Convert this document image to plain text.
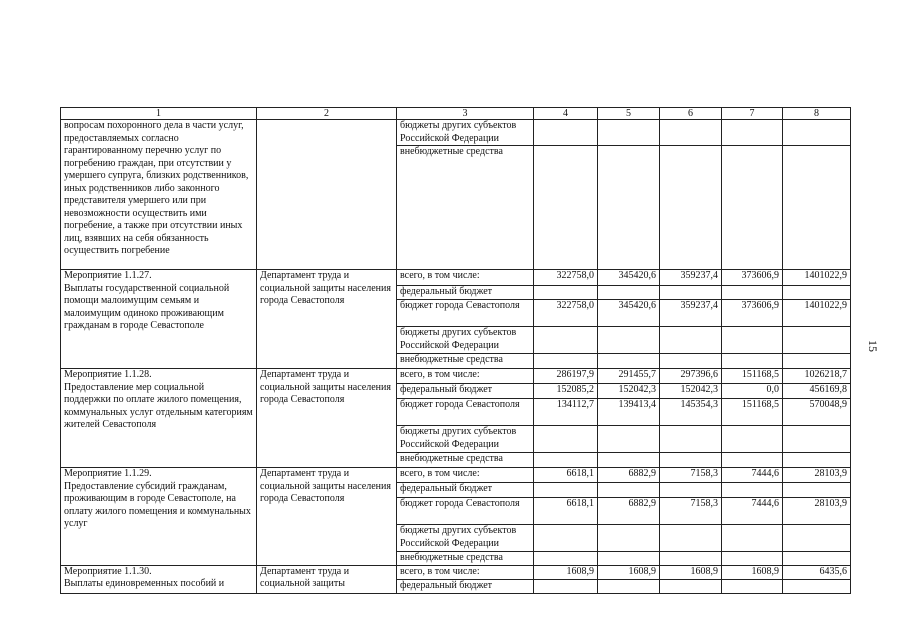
1	2	3	4	5	6	7	8
вопросам похоронного дела в части услуг, предоставляемых согласно гарантированному перечню услуг по погребению граждан, при отсутствии у умершего супруга, близких родственников, иных родственников либо законного представителя умершего или при невозможности осуществить ими погребение, а также при отсутствии иных лиц, взявших на себя обязанность осуществить погребение		бюджеты других субъектов Российской Федерации					
		внебюджетные средства					

Мероприятие 1.1.27.
Выплаты государственной социальной помощи малоимущим семьям и малоимущим одиноко проживающим гражданам в городе Севастополе	Департамент труда и социальной защиты населения города Севастополя	всего, в том числе:	322758,0	345420,6	359237,4	373606,9	1401022,9
		федеральный бюджет					
		бюджет города Севастополя	322758,0	345420,6	359237,4	373606,9	1401022,9
		бюджеты других субъектов Российской Федерации					
		внебюджетные средства					

Мероприятие 1.1.28.
Предоставление мер социальной поддержки по оплате жилого помещения, коммунальных услуг отдельным категориям жителей Севастополя	Департамент труда и социальной защиты населения города Севастополя	всего, в том числе:	286197,9	291455,7	297396,6	151168,5	1026218,7
		федеральный бюджет	152085,2	152042,3	152042,3	0,0	456169,8
		бюджет города Севастополя	134112,7	139413,4	145354,3	151168,5	570048,9
		бюджеты других субъектов Российской Федерации					
		внебюджетные средства					

Мероприятие 1.1.29.
Предоставление субсидий гражданам, проживающим в городе Севастополе, на оплату жилого помещения и коммунальных услуг	Департамент труда и социальной защиты населения города Севастополя	всего, в том числе:	6618,1	6882,9	7158,3	7444,6	28103,9
		федеральный бюджет					
		бюджет города Севастополя	6618,1	6882,9	7158,3	7444,6	28103,9
		бюджеты других субъектов Российской Федерации					
		внебюджетные средства					

Мероприятие 1.1.30.
Выплаты единовременных пособий и	Департамент труда и социальной защиты	всего, в том числе:	1608,9	1608,9	1608,9	1608,9	6435,6
		федеральный бюджет					
15
